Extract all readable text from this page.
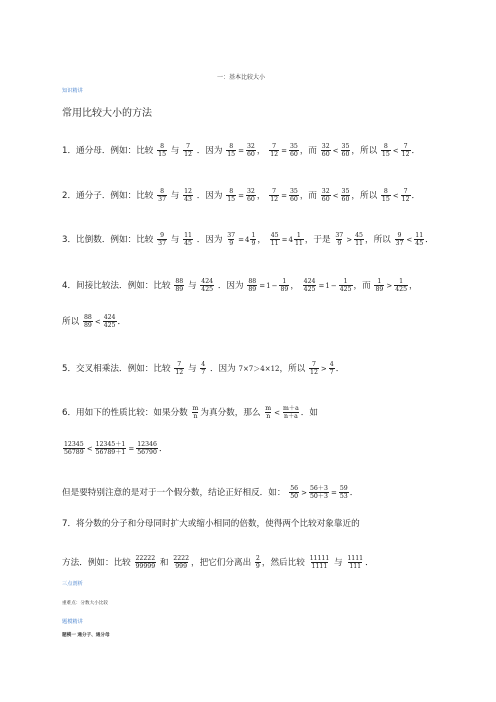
一：基本比较大小
知识精讲
常用比较大小的方法
1．通分母．例如：比较 $\frac{8}{15}$ 与 $\frac{7}{12}$ ．因为 $\frac{8}{15} = \frac{32}{60}$ ， $\frac{7}{12} = \frac{35}{60}$ ，而 $\frac{32}{60} < \frac{35}{60}$ ，所以 $\frac{8}{15} < \frac{7}{12}$ ．
2．通分子．例如：比较 $\frac{8}{37}$ 与 $\frac{12}{43}$ ．因为 $\frac{8}{15} = \frac{32}{60}$ ， $\frac{7}{12} = \frac{35}{60}$ ，而 $\frac{32}{60} < \frac{35}{60}$ ，所以 $\frac{8}{15} < \frac{7}{12}$ ．
3．比倒数．例如：比较 $\frac{9}{37}$ 与 $\frac{11}{45}$ ．因为 $\frac{37}{9} =4 \frac{1}{9}$ ， $\frac{45}{11} =4 \frac{1}{11}$ ，于是 $\frac{37}{9} > \frac{45}{11}$ ，所以 $\frac{9}{37} < \frac{11}{45}$ ．
4．间接比较法．例如：比较 $\frac{88}{89}$ 与 $\frac{424}{425}$ ．因为 $\frac{88}{89} =1- \frac{1}{89}$ ， $\frac{424}{425} =1- \frac{1}{425}$ ，而 $\frac{1}{89} > \frac{1}{425}$ ，
所以 $\frac{88}{89} < \frac{424}{425}$ ．
5．交叉相乘法．例如：比较 $\frac{7}{12}$ 与 $\frac{4}{7}$ ．因为 7×7＞4×12，所以 $\frac{7}{12} > \frac{4}{7}$ ．
6．用如下的性质比较：如果分数 $\frac{m}{n}$ 为真分数，那么 $\frac{m}{n} < \frac{m+a}{n+a}$ ．如
$\frac{12345}{56789} < \frac{12345+1}{56789+1} = \frac{12346}{56790}$ ．
但是要特别注意的是对于一个假分数，结论正好相反．如： $\frac{56}{50} > \frac{56+3}{50+3} = \frac{59}{53}$ ．
7．将分数的分子和分母同时扩大或缩小相同的倍数，使得两个比较对象靠近的
方法．例如：比较 $\frac{22222}{99999}$ 和 $\frac{2222}{999}$ ，把它们分离出 $\frac{2}{9}$ ，然后比较 $\frac{11111}{1111}$ 与 $\frac{1111}{111}$ ．
三点剖析
重难点：分数大小比较
题模精讲
题模一 通分子、通分母
